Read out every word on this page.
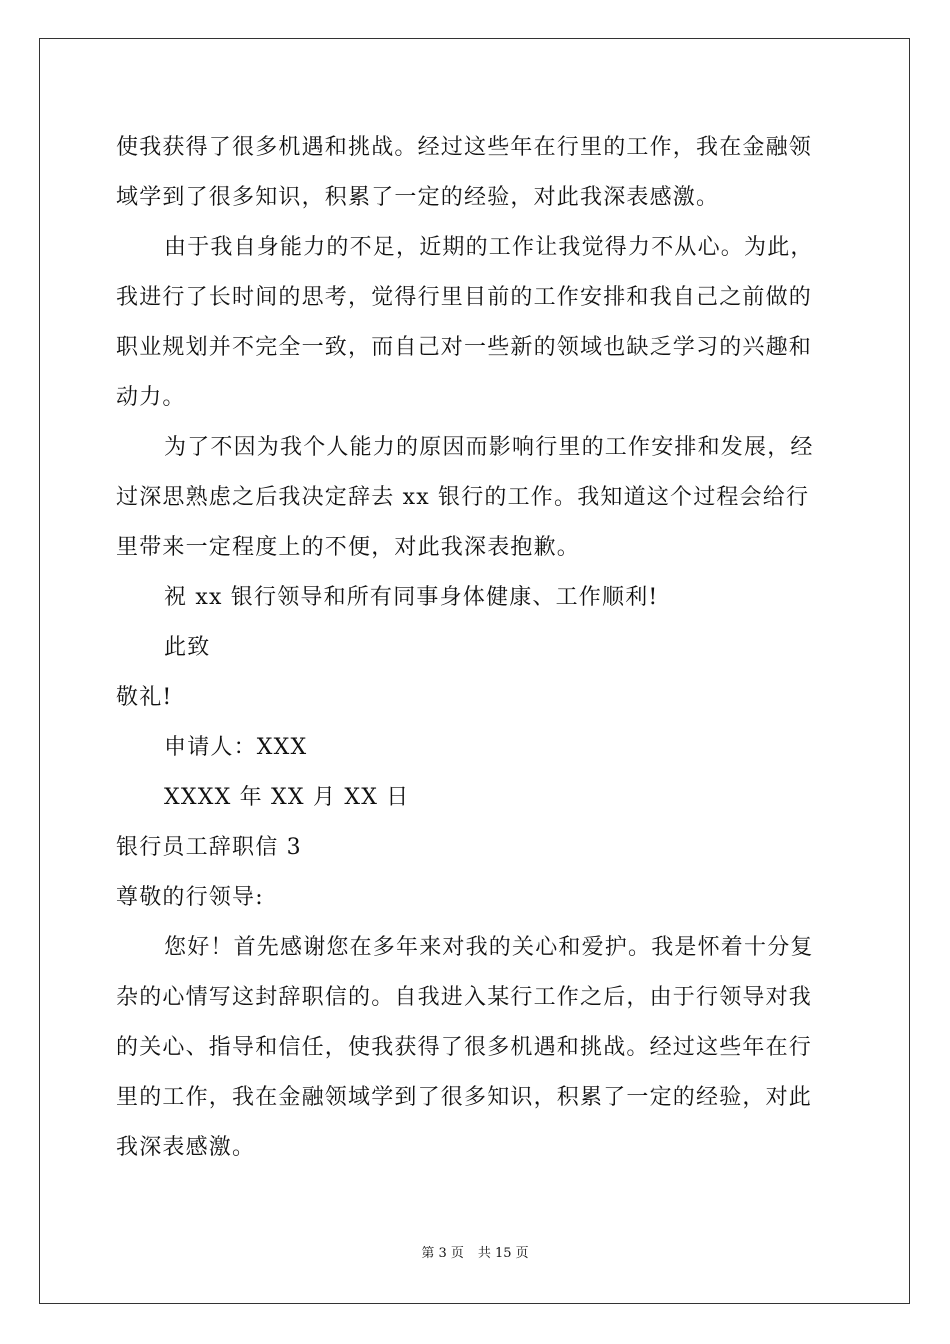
使我获得了很多机遇和挑战。经过这些年在行里的工作，我在金融领
域学到了很多知识，积累了一定的经验，对此我深表感激。
由于我自身能力的不足，近期的工作让我觉得力不从心。为此，
我进行了长时间的思考，觉得行里目前的工作安排和我自己之前做的
职业规划并不完全一致，而自己对一些新的领域也缺乏学习的兴趣和
动力。
为了不因为我个人能力的原因而影响行里的工作安排和发展，经
过深思熟虑之后我决定辞去 xx 银行的工作。我知道这个过程会给行
里带来一定程度上的不便，对此我深表抱歉。
祝 xx 银行领导和所有同事身体健康、工作顺利!
此致
敬礼!
申请人：XXX
XXXX 年 XX 月 XX 日
银行员工辞职信 3
尊敬的行领导:
您好！首先感谢您在多年来对我的关心和爱护。我是怀着十分复
杂的心情写这封辞职信的。自我进入某行工作之后，由于行领导对我
的关心、指导和信任，使我获得了很多机遇和挑战。经过这些年在行
里的工作，我在金融领域学到了很多知识，积累了一定的经验，对此
我深表感激。
第 3 页 共 15 页
